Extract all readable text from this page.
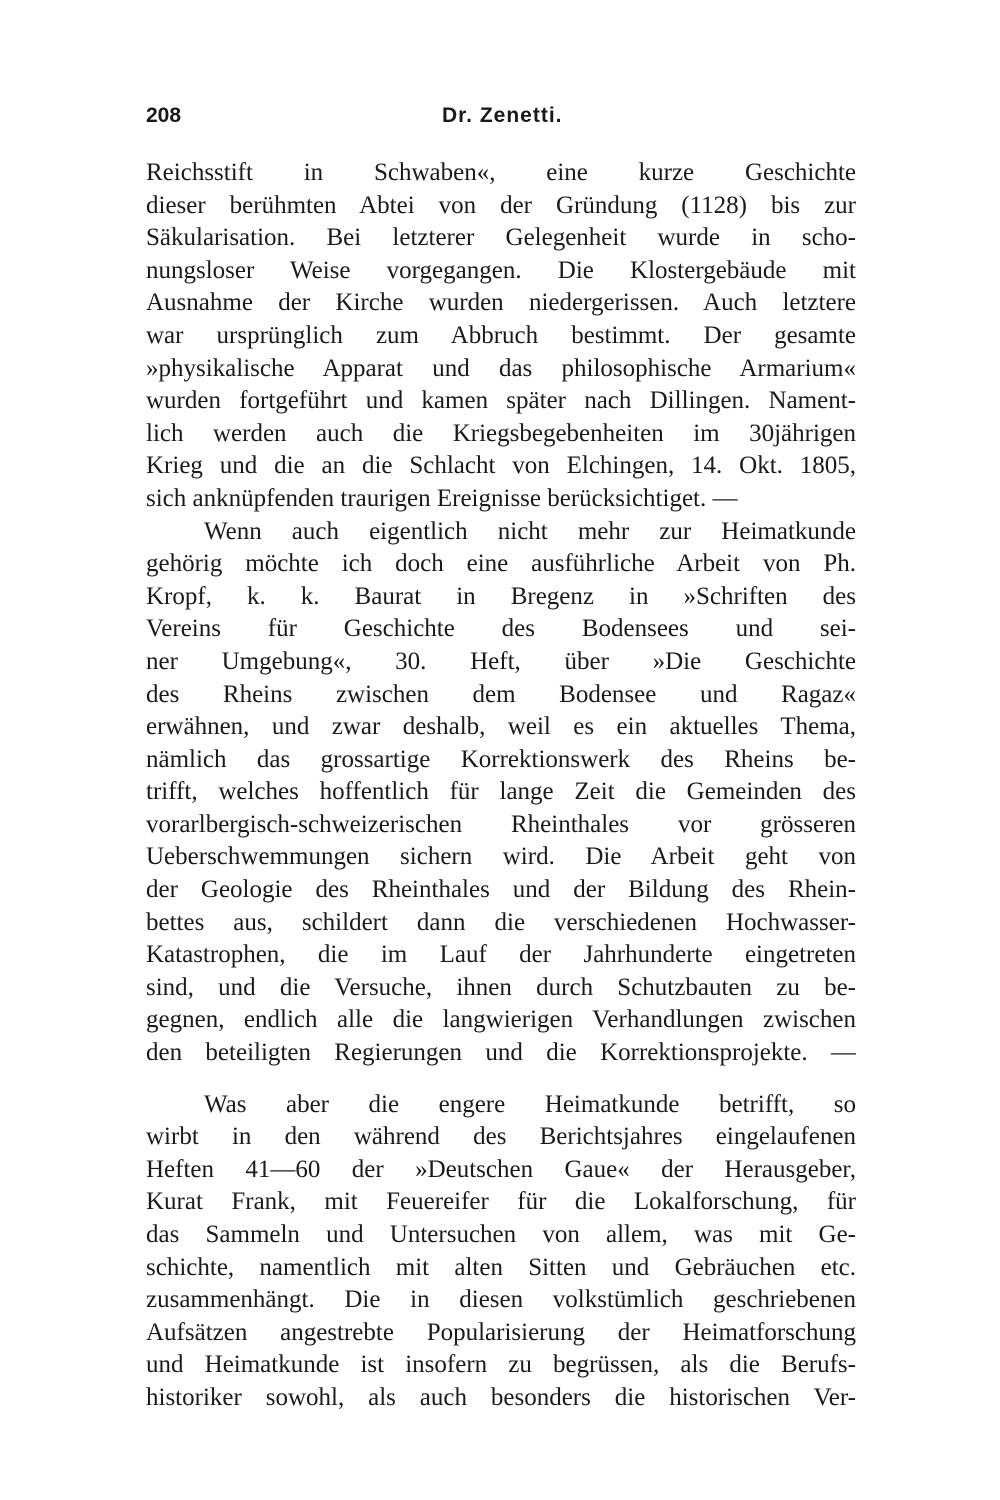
208	Dr. Zenetti.
Reichsstift in Schwaben«, eine kurze Geschichte
dieser berühmten Abtei von der Gründung (1128) bis zur
Säkularisation. Bei letzterer Gelegenheit wurde in scho-
nungsloser Weise vorgegangen. Die Klostergebäude mit
Ausnahme der Kirche wurden niedergerissen. Auch letztere
war ursprünglich zum Abbruch bestimmt. Der gesamte
»physikalische Apparat und das philosophische Armarium«
wurden fortgeführt und kamen später nach Dillingen. Nament-
lich werden auch die Kriegsbegebenheiten im 30jährigen
Krieg und die an die Schlacht von Elchingen, 14. Okt. 1805,
sich anknüpfenden traurigen Ereignisse berücksichtiget. —
Wenn auch eigentlich nicht mehr zur Heimatkunde
gehörig möchte ich doch eine ausführliche Arbeit von Ph.
Kropf, k. k. Baurat in Bregenz in »Schriften des
Vereins für Geschichte des Bodensees und sei-
ner Umgebung«, 30. Heft, über »Die Geschichte
des Rheins zwischen dem Bodensee und Ragaz«
erwähnen, und zwar deshalb, weil es ein aktuelles Thema,
nämlich das grossartige Korrektionswerk des Rheins be-
trifft, welches hoffentlich für lange Zeit die Gemeinden des
vorarlbergisch-schweizerischen Rheinthales vor grösseren
Ueberschwemmungen sichern wird. Die Arbeit geht von
der Geologie des Rheinthales und der Bildung des Rhein-
bettes aus, schildert dann die verschiedenen Hochwasser-
Katastrophen, die im Lauf der Jahrhunderte eingetreten
sind, und die Versuche, ihnen durch Schutzbauten zu be-
gegnen, endlich alle die langwierigen Verhandlungen zwischen
den beteiligten Regierungen und die Korrektionsprojekte. —
Was aber die engere Heimatkunde betrifft, so
wirbt in den während des Berichtsjahres eingelaufenen
Heften 41—60 der »Deutschen Gaue« der Herausgeber,
Kurat Frank, mit Feuereifer für die Lokalforschung, für
das Sammeln und Untersuchen von allem, was mit Ge-
schichte, namentlich mit alten Sitten und Gebräuchen etc.
zusammenhängt. Die in diesen volkstümlich geschriebenen
Aufsätzen angestrebte Popularisierung der Heimatforschung
und Heimatkunde ist insofern zu begrüssen, als die Berufs-
historiker sowohl, als auch besonders die historischen Ver-
